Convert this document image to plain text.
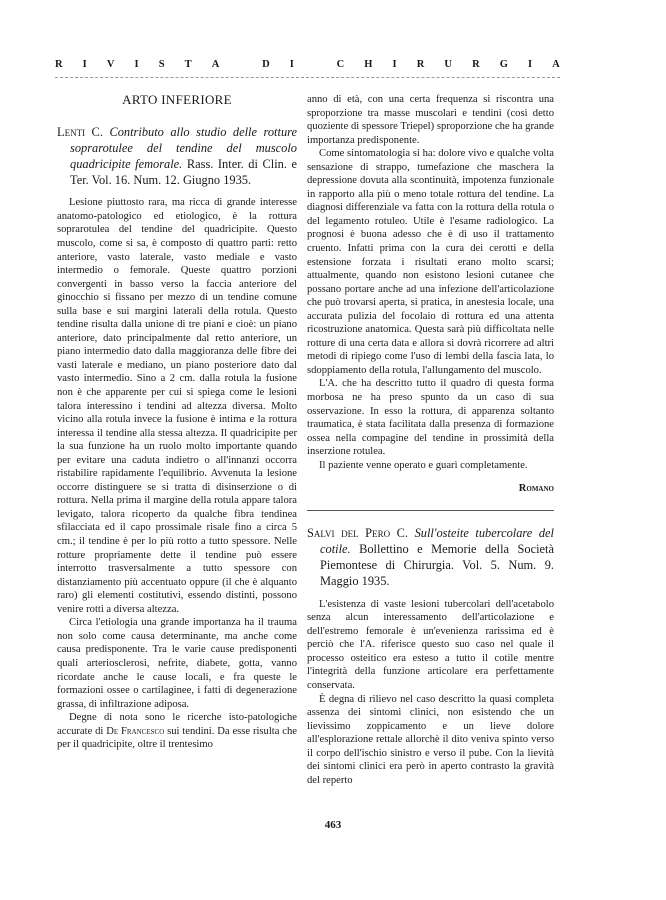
R I V I S T A
	D I
	C H I R U R G I A
ARTO INFERIORE
Lenti C. Contributo allo studio delle rotture soprarotulee del tendine del muscolo quadricipite femorale. Rass. Inter. di Clin. e Ter. Vol. 16. Num. 12. Giugno 1935.

Lesione piuttosto rara, ma ricca di grande interesse anatomo-patologico ed etiologico, è la rottura soprarotulea del tendine del quadricipite. Questo muscolo, come si sa, è composto di quattro parti: retto anteriore, vasto laterale, vasto mediale e vasto intermedio o femorale. Queste quattro porzioni convergenti in basso verso la faccia anteriore del ginocchio si fissano per mezzo di un tendine comune sulla base e sui margini laterali della rotula. Questo tendine risulta dalla unione di tre piani e cioè: un piano anteriore, dato principalmente dal retto anteriore, un piano intermedio dato dalla maggioranza delle fibre dei vasti laterale e mediano, un piano posteriore dato dal vasto intermedio. Sino a 2 cm. dalla rotula la fusione non è che apparente per cui si spiega come le lesioni talora interessino i tendini ad altezza diversa. Molto vicino alla rotula invece la fusione è intima e la rottura interessa il tendine alla stessa altezza. Il quadricipite per la sua funzione ha un ruolo molto importante quando per evitare una caduta indietro o all'innanzi occorra ristabilire rapidamente l'equilibrio. Avvenuta la lesione occorre distinguere se si tratta di disinserzione o di rottura. Nella prima il margine della rotula appare talora levigato, talora ricoperto da qualche fibra tendinea sfilacciata ed il capo prossimale risale fino a circa 5 cm.; il tendine è per lo più rotto a tutto spessore. Nelle rotture propriamente dette il tendine può essere interrotto trasversalmente a tutto spessore con distanziamento più accentuato oppure (il che è alquanto raro) gli elementi costitutivi, essendo distinti, possono venire rotti a diversa altezza.

Circa l'etiologia una grande importanza ha il trauma non solo come causa determinante, ma anche come causa predisponente. Tra le varie cause predisponenti quali arteriosclerosi, nefrite, diabete, gotta, vanno ricordate anche le cause locali, e fra queste le formazioni ossee o cartilaginee, i fatti di degenerazione grassa, di infiltrazione adiposa.

Degne di nota sono le ricerche isto-patologiche accurate di De Francesco sui tendini. Da esse risulta che per il quadricipite, oltre il trentesimo

anno di età, con una certa frequenza si riscontra una sproporzione tra masse muscolari e tendini (così detto quoziente di spessore Triepel) sproporzione che ha grande importanza predisponente.

Come sintomatologia si ha: dolore vivo e qualche volta sensazione di strappo, tumefazione che maschera la depressione dovuta alla scontinuità, impotenza funzionale in rapporto alla più o meno totale rottura del tendine. La diagnosi differenziale va fatta con la rottura della rotula o del legamento rotuleo. Utile è l'esame radiologico. La prognosi è buona adesso che è di uso il trattamento cruento. Infatti prima con la cura dei cerotti e della estensione forzata i risultati erano molto scarsi; attualmente, quando non esistono lesioni cutanee che possano portare anche ad una infezione dell'articolazione che può trovarsi aperta, si pratica, in anestesia locale, una accurata pulizia del focolaio di rottura ed una attenta ricostruzione anatomica. Questa sarà più difficoltata nelle rotture di una certa data e allora si dovrà ricorrere ad altri metodi di ripiego come l'uso di lembi della fascia lata, lo sdoppiamento della rotula, l'allungamento del muscolo.

L'A. che ha descritto tutto il quadro di questa forma morbosa ne ha preso spunto da un caso di sua osservazione. In esso la rottura, di apparenza soltanto traumatica, è stata facilitata dalla presenza di formazione ossea nella compagine del tendine in prossimità della inserzione rotulea.

Il paziente venne operato e guarì completamente.

Romano
Salvi del Pero C. Sull'osteite tubercolare del cotile. Bollettino e Memorie della Società Piemontese di Chirurgia. Vol. 5. Num. 9. Maggio 1935.

L'esistenza di vaste lesioni tubercolari dell'acetabolo senza alcun interessamento dell'articolazione e dell'estremo femorale è un'evenienza rarissima ed è perciò che l'A. riferisce questo suo caso nel quale il processo osteitico era esteso a tutto il cotile mentre l'integrità della funzione articolare era perfettamente conservata.

È degna di rilievo nel caso descritto la quasi completa assenza dei sintomi clinici, non esistendo che un lievissimo zoppicamento e un lieve dolore all'esplorazione rettale allorchè il dito veniva spinto verso il corpo dell'ischio sinistro e verso il pube. Con la lievità dei sintomi clinici era però in aperto contrasto la gravità del reperto

463
